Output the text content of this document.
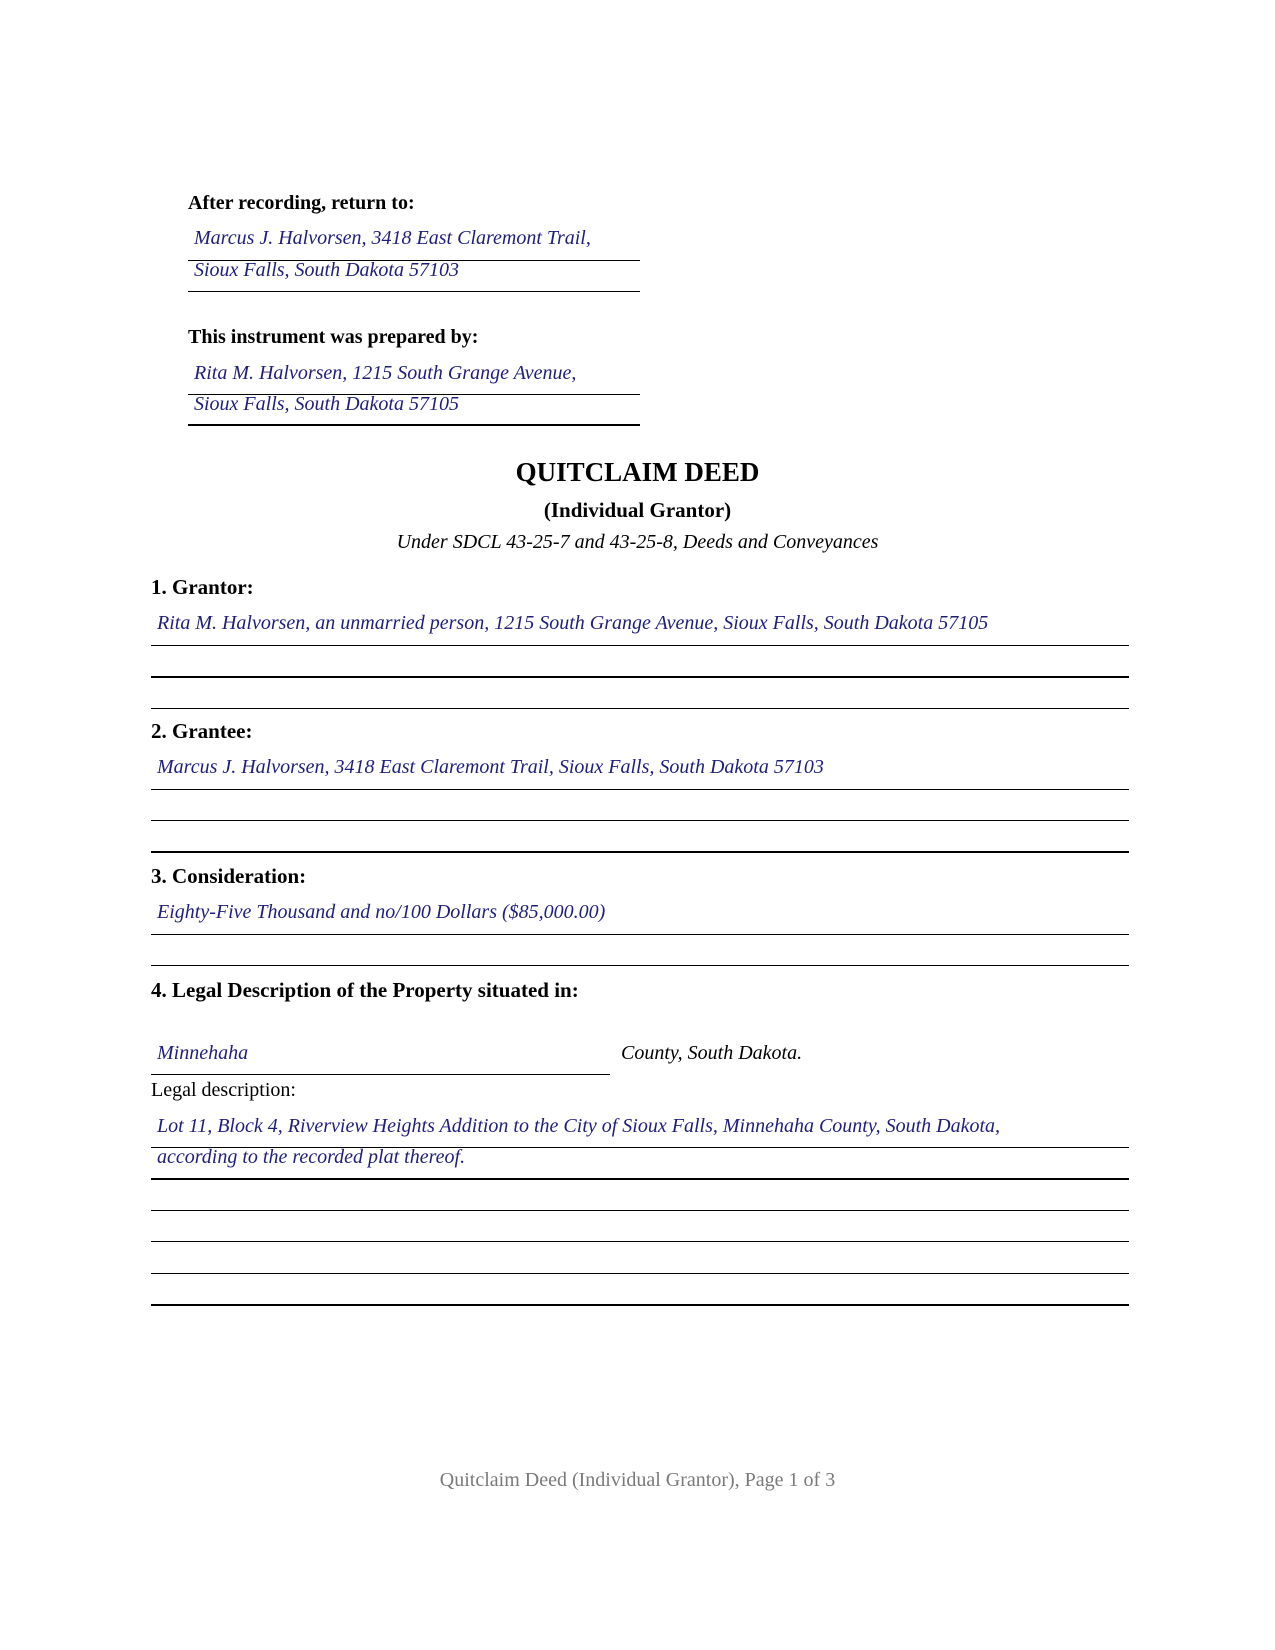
After recording, return to:
Marcus J. Halvorsen, 3418 East Claremont Trail,
Sioux Falls, South Dakota 57103
This instrument was prepared by:
Rita M. Halvorsen, 1215 South Grange Avenue,
Sioux Falls, South Dakota 57105
QUITCLAIM DEED
(Individual Grantor)
Under SDCL 43-25-7 and 43-25-8, Deeds and Conveyances
1. Grantor:
Rita M. Halvorsen, an unmarried person, 1215 South Grange Avenue, Sioux Falls, South Dakota 57105
2. Grantee:
Marcus J. Halvorsen, 3418 East Claremont Trail, Sioux Falls, South Dakota 57103
3. Consideration:
Eighty-Five Thousand and no/100 Dollars ($85,000.00)
4. Legal Description of the Property situated in:
Minnehaha	County, South Dakota.
Legal description:
Lot 11, Block 4, Riverview Heights Addition to the City of Sioux Falls, Minnehaha County, South Dakota,
according to the recorded plat thereof.
Quitclaim Deed (Individual Grantor), Page 1 of 3
